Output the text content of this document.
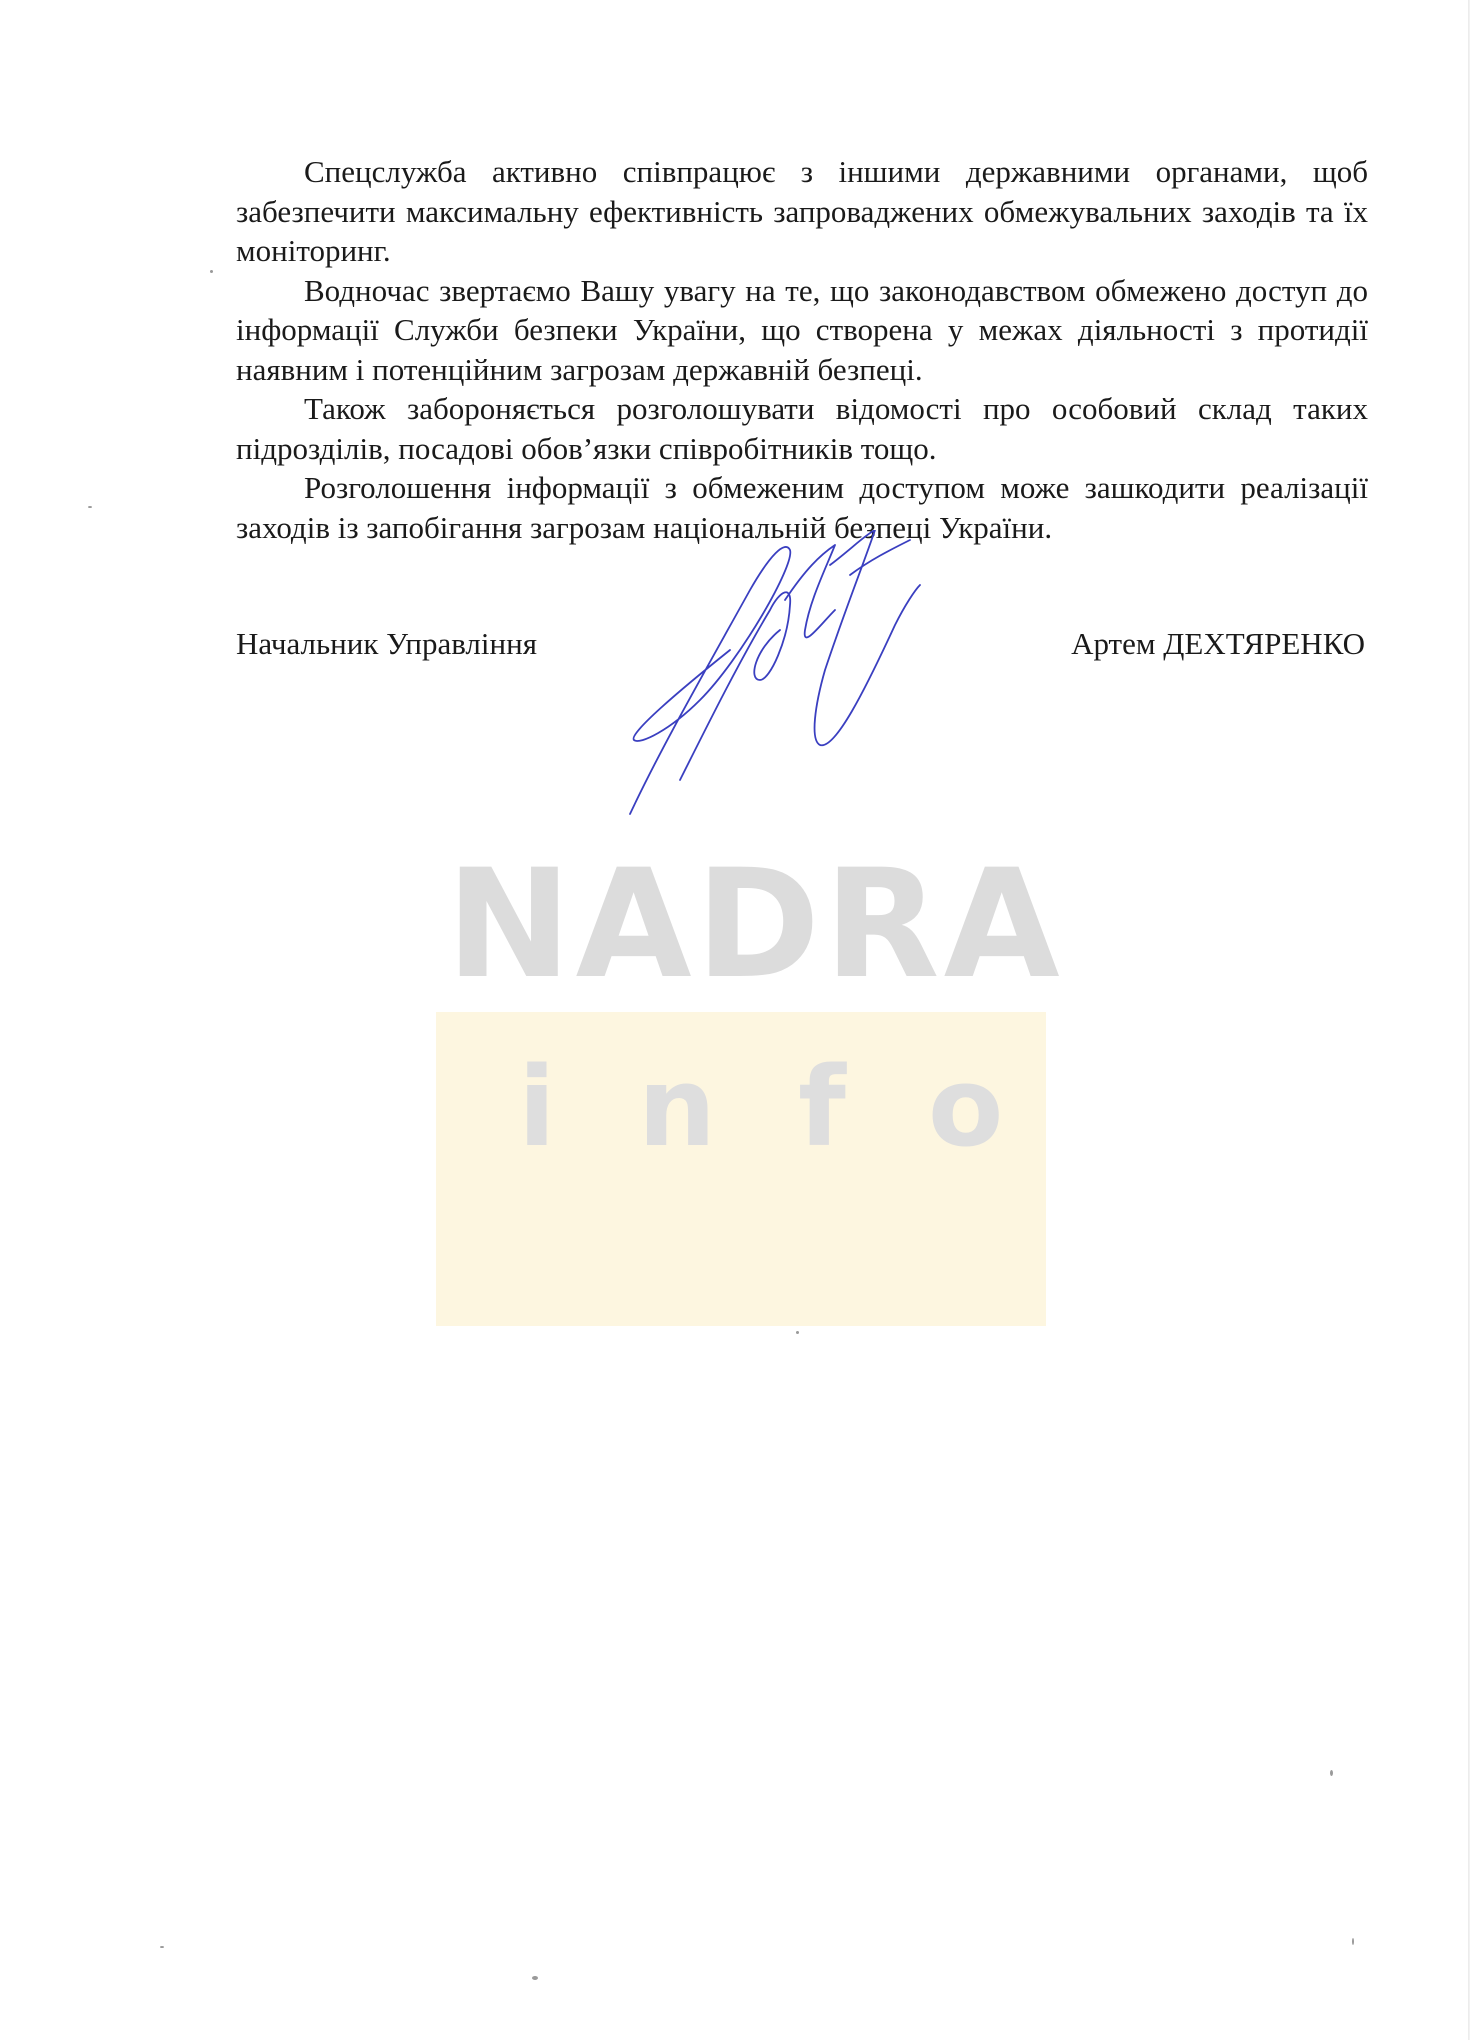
Спецслужба активно співпрацює з іншими державними органами, щоб забезпечити максимальну ефективність запроваджених обмежувальних заходів та їх моніторинг.

Водночас звертаємо Вашу увагу на те, що законодавством обмежено доступ до інформації Служби безпеки України, що створена у межах діяльності з протидії наявним і потенційним загрозам державній безпеці.

Також забороняється розголошувати відомості про особовий склад таких підрозділів, посадові обов’язки співробітників тощо.

Розголошення інформації з обмеженим доступом може зашкодити реалізації заходів із запобігання загрозам національній безпеці України.

Начальник Управління	Артем ДЕХТЯРЕНКО
NADRA
info
